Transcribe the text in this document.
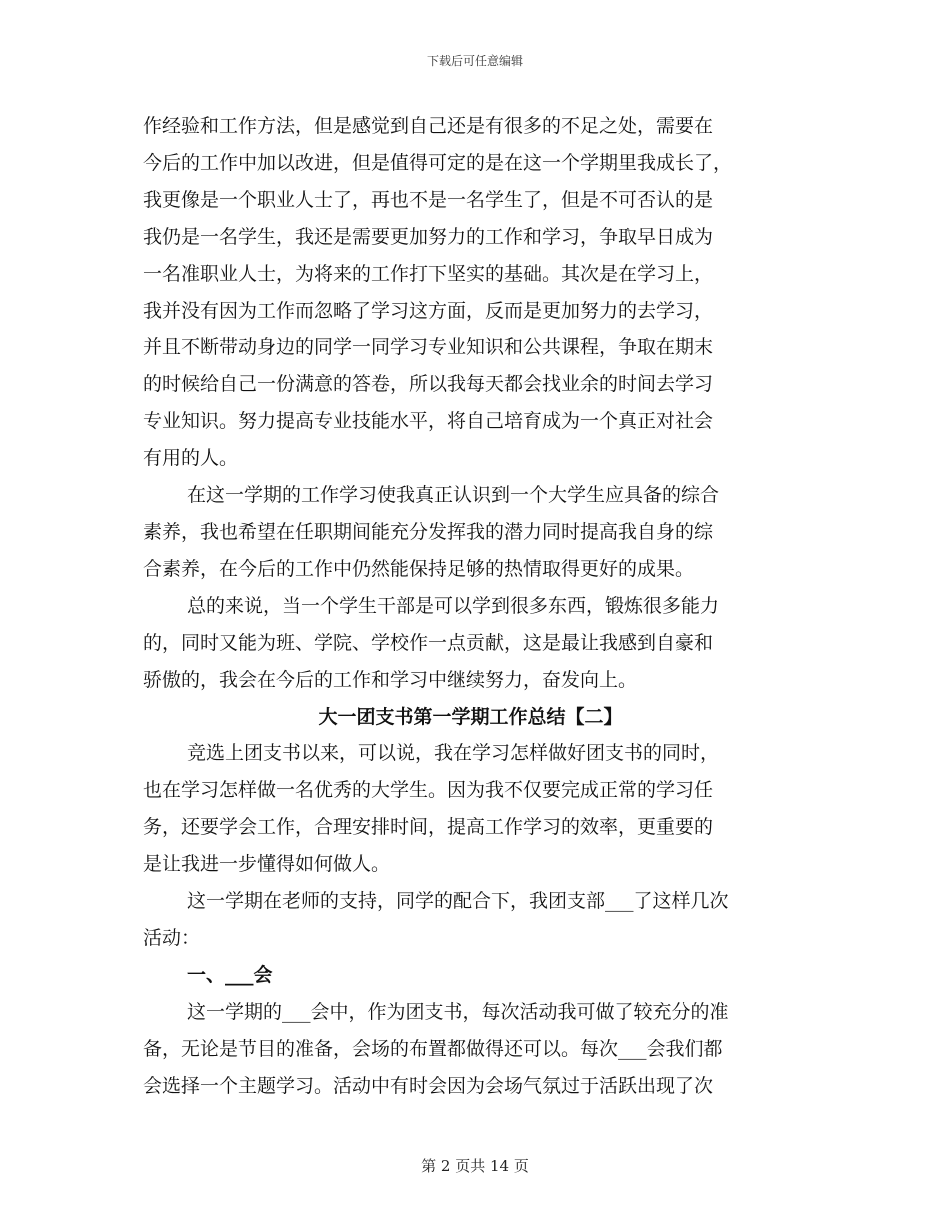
下载后可任意编辑

作经验和工作方法，但是感觉到自己还是有很多的不足之处，需要在

今后的工作中加以改进，但是值得可定的是在这一个学期里我成长了，

我更像是一个职业人士了，再也不是一名学生了，但是不可否认的是

我仍是一名学生，我还是需要更加努力的工作和学习，争取早日成为

一名准职业人士，为将来的工作打下坚实的基础。其次是在学习上，

我并没有因为工作而忽略了学习这方面，反而是更加努力的去学习，

并且不断带动身边的同学一同学习专业知识和公共课程，争取在期末

的时候给自己一份满意的答卷，所以我每天都会找业余的时间去学习

专业知识。努力提高专业技能水平，将自己培育成为一个真正对社会

有用的人。

在这一学期的工作学习使我真正认识到一个大学生应具备的综合

素养，我也希望在任职期间能充分发挥我的潜力同时提高我自身的综

合素养，在今后的工作中仍然能保持足够的热情取得更好的成果。

总的来说，当一个学生干部是可以学到很多东西，锻炼很多能力

的，同时又能为班、学院、学校作一点贡献，这是最让我感到自豪和

骄傲的，我会在今后的工作和学习中继续努力，奋发向上。

大一团支书第一学期工作总结【二】

竞选上团支书以来，可以说，我在学习怎样做好团支书的同时，

也在学习怎样做一名优秀的大学生。因为我不仅要完成正常的学习任

务，还要学会工作，合理安排时间，提高工作学习的效率，更重要的

是让我进一步懂得如何做人。

这一学期在老师的支持，同学的配合下，我团支部___了这样几次

活动：

一、___会

这一学期的___会中，作为团支书，每次活动我可做了较充分的准

备，无论是节目的准备，会场的布置都做得还可以。每次___会我们都

会选择一个主题学习。活动中有时会因为会场气氛过于活跃出现了次

第 2 页共 14 页
